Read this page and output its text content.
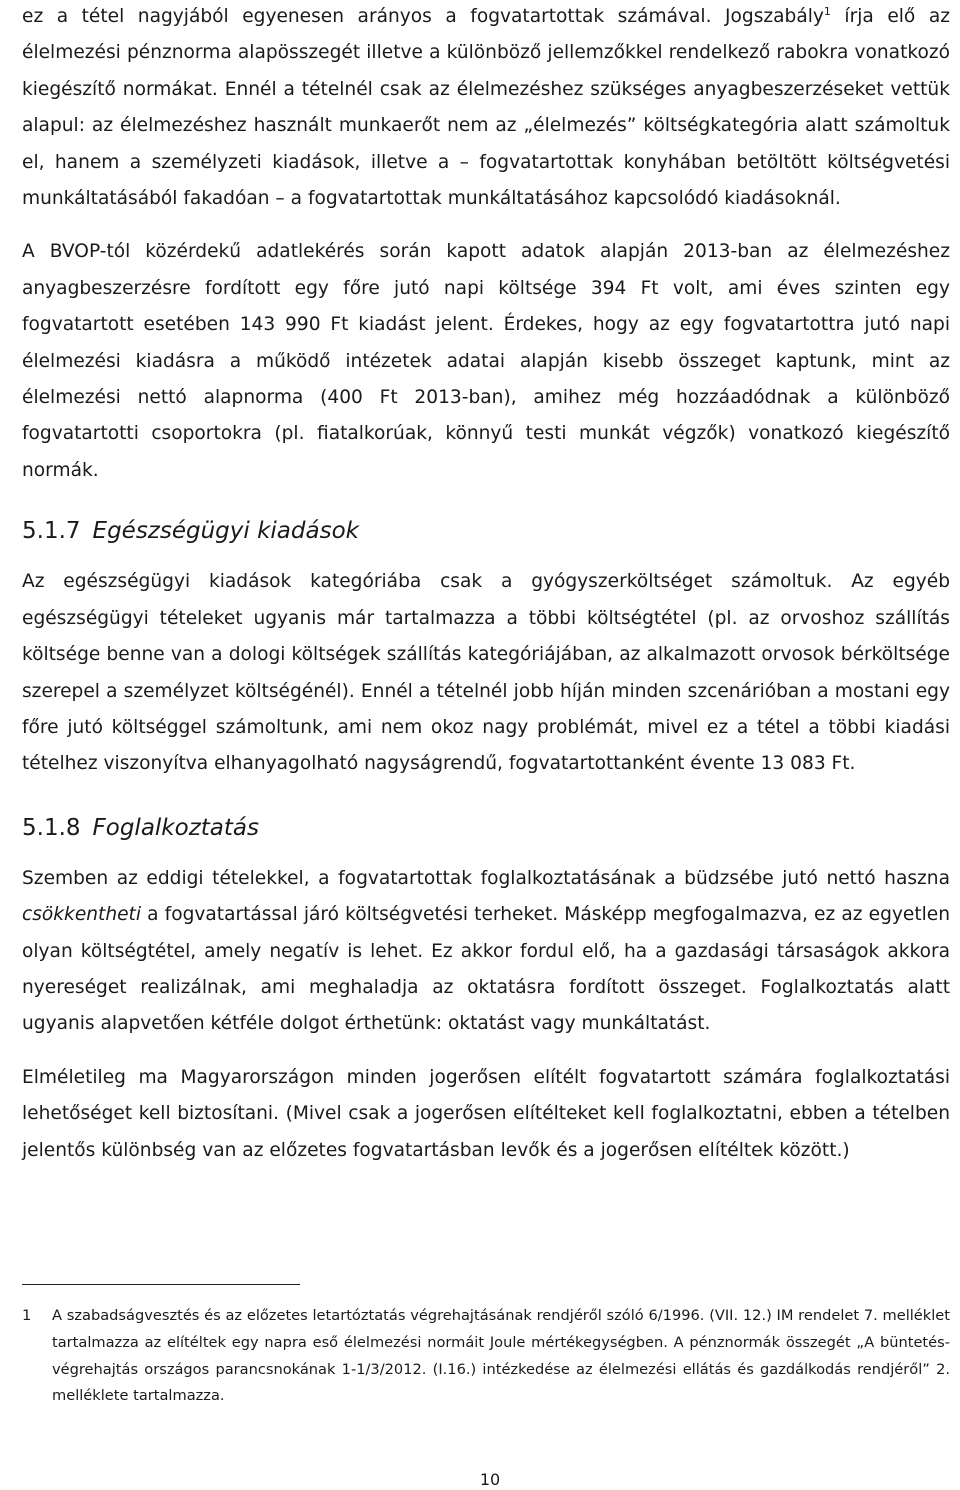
ez a tétel nagyjából egyenesen arányos a fogvatartottak számával. Jogszabály$^1$ írja elő az élelmezési pénznorma alapösszegét illetve a különböző jellemzőkkel rendelkező rabokra vonatkozó kiegészítő normákat. Ennél a tételnél csak az élelmezéshez szükséges anyagbeszerzéseket vettük alapul: az élelmezéshez használt munkaerőt nem az „élelmezés” költségkategória alatt számoltuk el, hanem a személyzeti kiadások, illetve a – fogvatartottak konyhában betöltött költségvetési munkáltatásából fakadóan – a fogvatartottak munkáltatásához kapcsolódó kiadásoknál.

A BVOP-tól közérdekű adatlekérés során kapott adatok alapján 2013-ban az élelmezéshez anyagbeszerzésre fordított egy főre jutó napi költsége 394 Ft volt, ami éves szinten egy fogvatartott esetében 143 990 Ft kiadást jelent. Érdekes, hogy az egy fogvatartottra jutó napi élelmezési kiadásra a működő intézetek adatai alapján kisebb összeget kaptunk, mint az élelmezési nettó alapnorma (400 Ft 2013-ban), amihez még hozzáadódnak a különböző fogvatartotti csoportokra (pl. fiatalkorúak, könnyű testi munkát végzők) vonatkozó kiegészítő normák.

5.1.7 Egészségügyi kiadások

Az egészségügyi kiadások kategóriába csak a gyógyszerköltséget számoltuk. Az egyéb egészségügyi tételeket ugyanis már tartalmazza a többi költségtétel (pl. az orvoshoz szállítás költsége benne van a dologi költségek szállítás kategóriájában, az alkalmazott orvosok bérköltsége szerepel a személyzet költségénél). Ennél a tételnél jobb híján minden szcenárióban a mostani egy főre jutó költséggel számoltunk, ami nem okoz nagy problémát, mivel ez a tétel a többi kiadási tételhez viszonyítva elhanyagolható nagyságrendű, fogvatartottanként évente 13 083 Ft.

5.1.8 Foglalkoztatás

Szemben az eddigi tételekkel, a fogvatartottak foglalkoztatásának a büdzsébe jutó nettó haszna csökkentheti a fogvatartással járó költségvetési terheket. Másképp megfogalmazva, ez az egyetlen olyan költségtétel, amely negatív is lehet. Ez akkor fordul elő, ha a gazdasági társaságok akkora nyereséget realizálnak, ami meghaladja az oktatásra fordított összeget. Foglalkoztatás alatt ugyanis alapvetően kétféle dolgot érthetünk: oktatást vagy munkáltatást.

Elméletileg ma Magyarországon minden jogerősen elítélt fogvatartott számára foglalkoztatási lehetőséget kell biztosítani. (Mivel csak a jogerősen elítélteket kell foglalkoztatni, ebben a tételben jelentős különbség van az előzetes fogvatartásban levők és a jogerősen elítéltek között.)

1 A szabadságvesztés és az előzetes letartóztatás végrehajtásának rendjéről szóló 6/1996. (VII. 12.) IM rendelet 7. melléklet tartalmazza az elítéltek egy napra eső élelmezési normáit Joule mértékegységben. A pénznormák összegét „A büntetés-végrehajtás országos parancsnokának 1-1/3/2012. (I.16.) intézkedése az élelmezési ellátás és gazdálkodás rendjéről” 2. melléklete tartalmazza.
10
